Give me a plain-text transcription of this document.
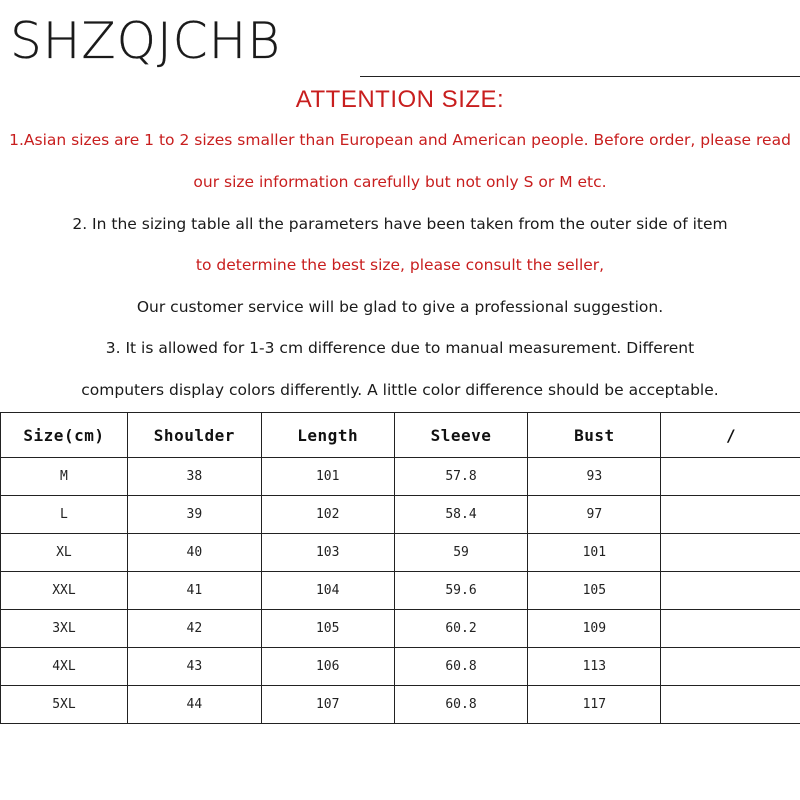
SHZQJCHB
ATTENTION SIZE:
1.Asian sizes are 1 to 2 sizes smaller than European and American people. Before order, please read
our size information carefully but not only S or M etc.
2. In the sizing table all the parameters have been taken from the outer side of item
to determine the best size, please consult the seller,
Our customer service will be glad to give a professional suggestion.
3. It is allowed for 1-3 cm difference due to manual measurement. Different
computers display colors differently. A little color difference should be acceptable.
Size(cm)	Shoulder	Length	Sleeve	Bust	/
M	38	101	57.8	93	
L	39	102	58.4	97	
XL	40	103	59	101	
XXL	41	104	59.6	105	
3XL	42	105	60.2	109	
4XL	43	106	60.8	113	
5XL	44	107	60.8	117	
